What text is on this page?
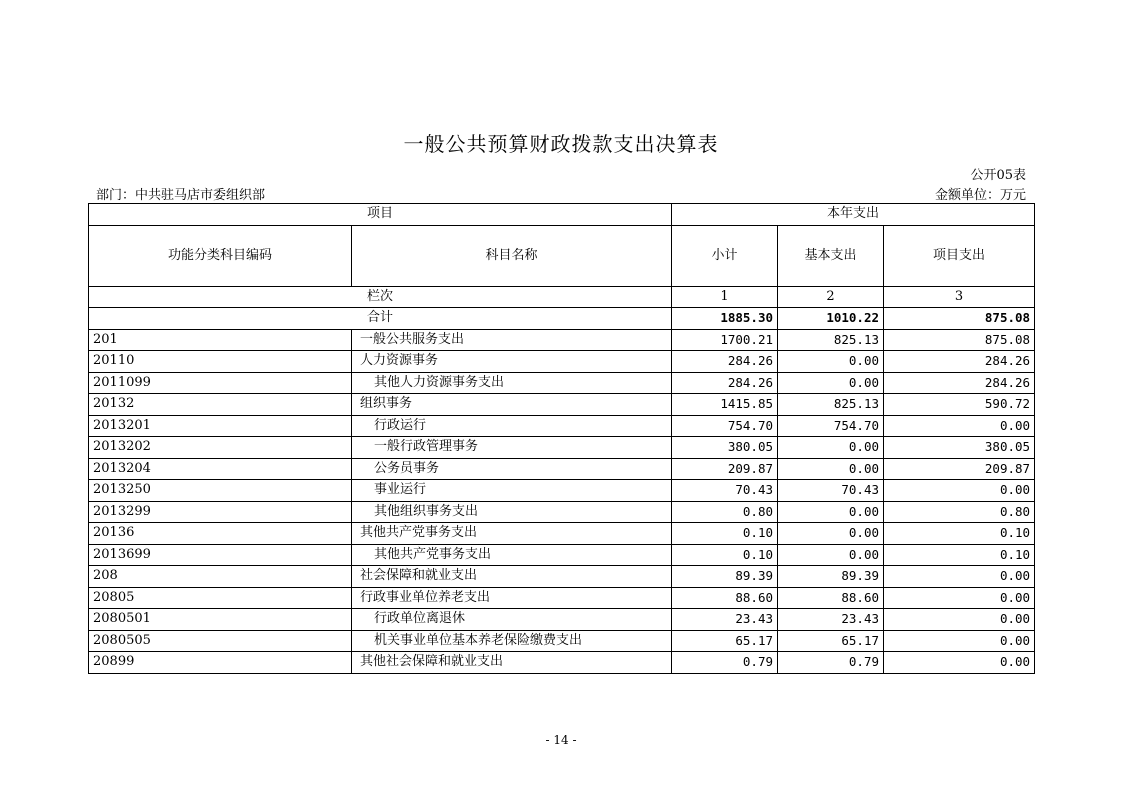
一般公共预算财政拨款支出决算表
公开05表
部门：中共驻马店市委组织部	金额单位：万元
项目		本年支出		
功能分类科目编码	科目名称	小计	基本支出	项目支出
栏次		1	2	3
合计		1885.30	1010.22	875.08
201	一般公共服务支出	1700.21	825.13	875.08
20110	人力资源事务	284.26	0.00	284.26
2011099	其他人力资源事务支出	284.26	0.00	284.26
20132	组织事务	1415.85	825.13	590.72
2013201	行政运行	754.70	754.70	0.00
2013202	一般行政管理事务	380.05	0.00	380.05
2013204	公务员事务	209.87	0.00	209.87
2013250	事业运行	70.43	70.43	0.00
2013299	其他组织事务支出	0.80	0.00	0.80
20136	其他共产党事务支出	0.10	0.00	0.10
2013699	其他共产党事务支出	0.10	0.00	0.10
208	社会保障和就业支出	89.39	89.39	0.00
20805	行政事业单位养老支出	88.60	88.60	0.00
2080501	行政单位离退休	23.43	23.43	0.00
2080505	机关事业单位基本养老保险缴费支出	65.17	65.17	0.00
20899	其他社会保障和就业支出	0.79	0.79	0.00
- 14 -
